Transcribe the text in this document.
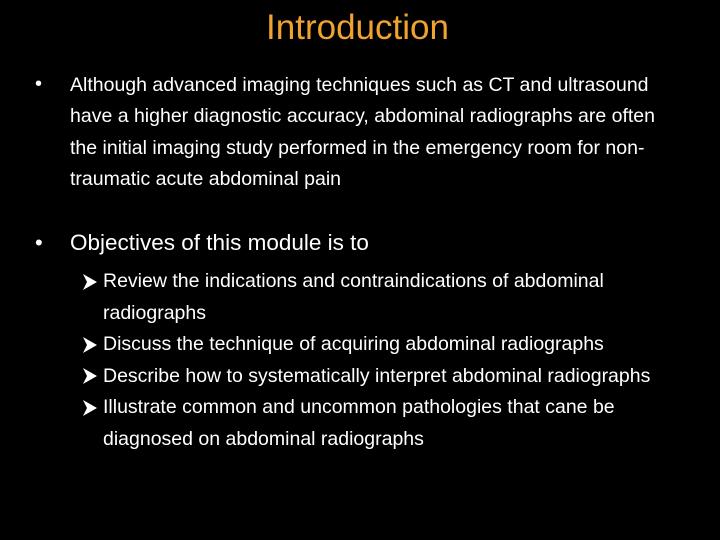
Introduction
•	Although advanced imaging techniques such as CT and ultrasound have a higher diagnostic accuracy, abdominal radiographs are often the initial imaging study performed in the emergency room for non-traumatic acute abdominal pain
•	Objectives of this module is to
Review the indications and contraindications of abdominal radiographs
Discuss the technique of acquiring abdominal radiographs
Describe how to systematically interpret abdominal radiographs
Illustrate common and uncommon pathologies that cane be diagnosed on abdominal radiographs
